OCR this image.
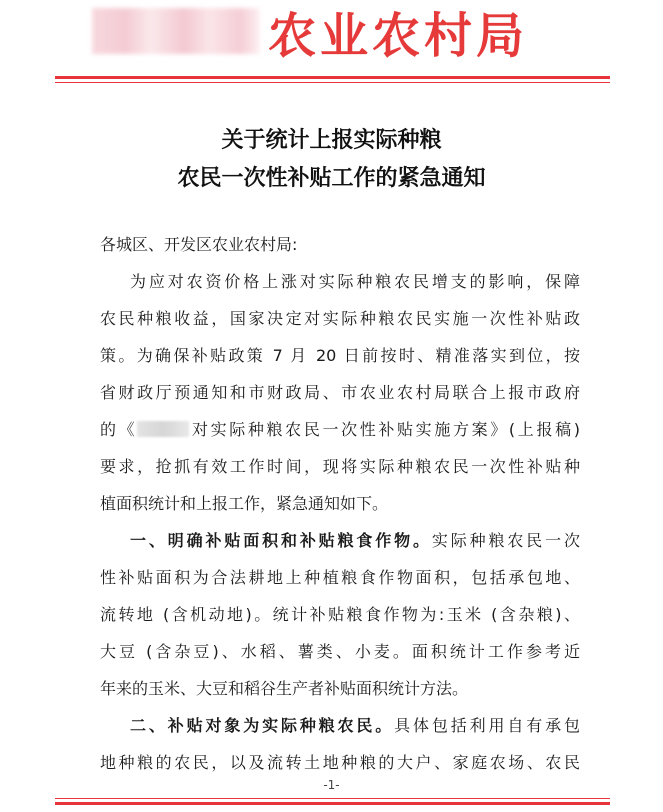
农业农村局
关于统计上报实际种粮
农民一次性补贴工作的紧急通知
各城区、开发区农业农村局:
为应对农资价格上涨对实际种粮农民增支的影响，保障
农民种粮收益，国家决定对实际种粮农民实施一次性补贴政
策。为确保补贴政策 7 月 20 日前按时、精准落实到位，按
省财政厅预通知和市财政局、市农业农村局联合上报市政府
的《	对实际种粮农民一次性补贴实施方案》(上报稿)
要求，抢抓有效工作时间，现将实际种粮农民一次性补贴种
植面积统计和上报工作，紧急通知如下。
一、明确补贴面积和补贴粮食作物。实际种粮农民一次
性补贴面积为合法耕地上种植粮食作物面积，包括承包地、
流转地 (含机动地)。统计补贴粮食作物为:玉米 (含杂粮)、
大豆 (含杂豆)、水稻、薯类、小麦。面积统计工作参考近
年来的玉米、大豆和稻谷生产者补贴面积统计方法。
二、补贴对象为实际种粮农民。具体包括利用自有承包
地种粮的农民，以及流转土地种粮的大户、家庭农场、农民
-1-
